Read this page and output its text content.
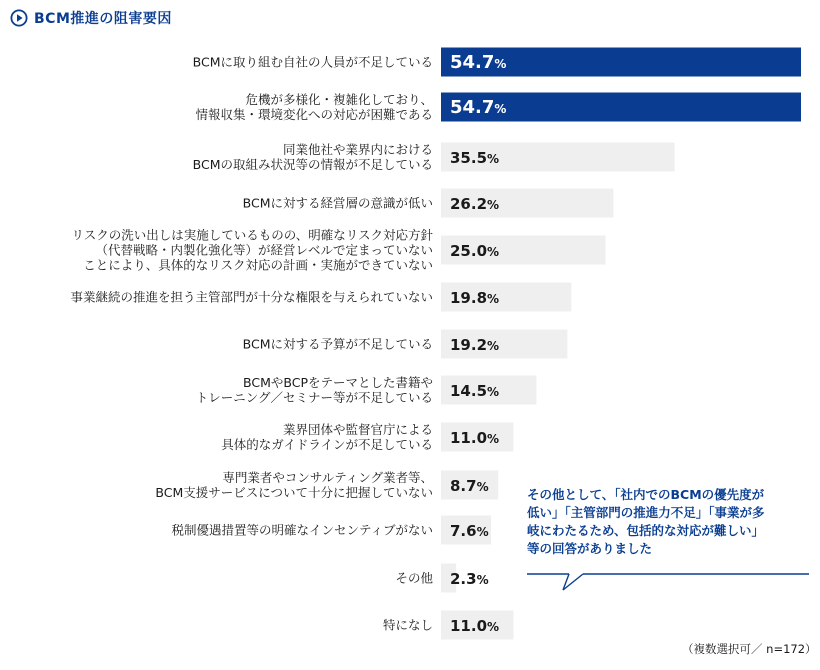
54.7%
BCMに取り組む自社の人員が不足している
54.7%
危機が多様化・複雑化しており、情報収集・環境変化への対応が困難である
35.5%
同業他社や業界内における BCMの取組み状況等の情報が不足している
26.2%
BCMに対する経営層の意識が低い
25.0%
リスクの洗い出しは実施しているものの、明確なリスク対応方針（代替戦略・内製化強化等）が経営レベルで定まっていないことにより、具体的なリスク対応の計画・実施ができていない
19.8%
事業継続の推進を担う主管部門が十分な権限を与えられていない
19.2%
BCMに対する予算が不足している
14.5%
BCMやBCPをテーマとした書籍やトレーニング／セミナー等が不足している
11.0%
業界団体や監督官庁による具体的なガイドラインが不足している
8.7%
専門業者やコンサルティング業者等、 BCM支援サービスについて十分に把握していない
7.6%
税制優遇措置等の明確なインセンティブがない
2.3%
その他
11.0%
特になし
BCM推進の阻害要因
その他として、「社内でのBCMの優先度が
低い」「主管部門の推進力不足」「事業が多
岐にわたるため、包括的な対応が難しい」
等の回答がありました
（複数選択可／ n=172）
